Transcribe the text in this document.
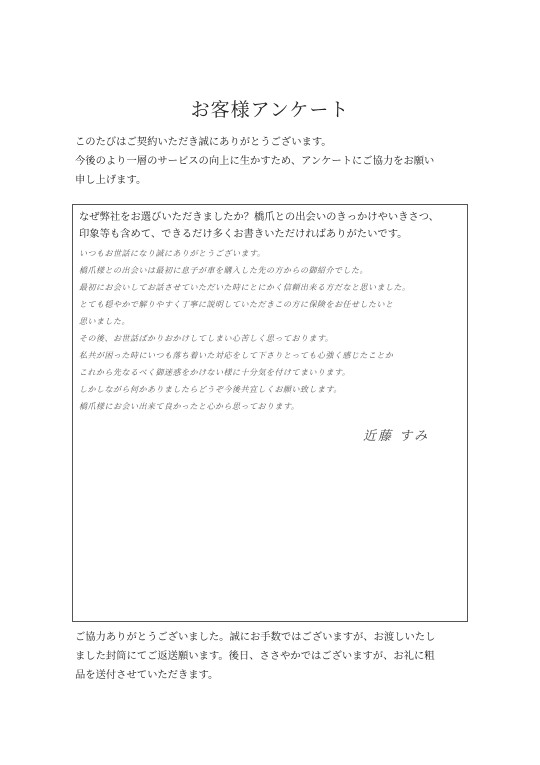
お客様アンケート
このたびはご契約いただき誠にありがとうございます。
今後のより一層のサービスの向上に生かすため、アンケートにご協力をお願い
申し上げます。
なぜ弊社をお選びいただきましたか？橋爪との出会いのきっかけやいきさつ、
印象等も含めて、できるだけ多くお書きいただければありがたいです。
いつもお世話になり誠にありがとうございます。
橋爪様との出会いは最初に息子が車を購入した先の方からの御紹介でした。
最初にお会いしてお話させていただいた時にとにかく信頼出来る方だなと思いました。
とても穏やかで解りやすく丁寧に説明していただきこの方に保険をお任せしたいと
思いました。
その後、お世話ばかりおかけしてしまい心苦しく思っております。
私共が困った時にいつも落ち着いた対応をして下さりとっても心強く感じたことか
これから先なるべく御迷惑をかけない様に十分気を付けてまいります。
しかしながら何かありましたらどうぞ今後共宜しくお願い致します。
橋爪様にお会い出来て良かったと心から思っております。
近藤 すみ
ご協力ありがとうございました。誠にお手数ではございますが、お渡しいたし
ました封筒にてご返送願います。後日、ささやかではございますが、お礼に粗
品を送付させていただきます。
